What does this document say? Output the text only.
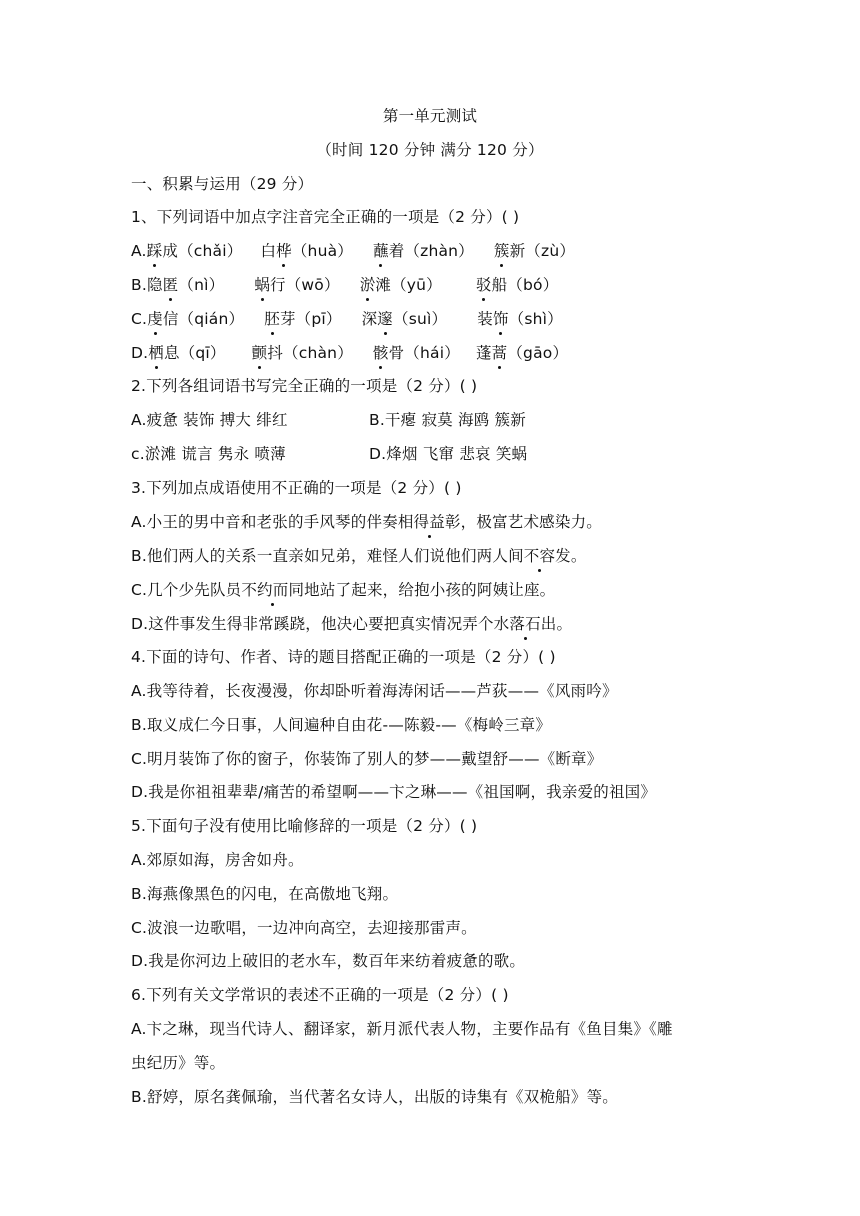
第一单元测试
（时间 120 分钟 满分 120 分）
一、积累与运用（29 分）
1、下列词语中加点字注音完全正确的一项是（2 分）( )
A.踩成（chǎi） 白桦（huà） 蘸着（zhàn） 簇新（zù）
B.隐匿（nì） 蜗行（wō） 淤滩（yū） 驳船（bó）
C.虔信（qián） 胚芽（pī） 深邃（suì） 装饰（shì）
D.栖息（qī） 颤抖（chàn） 骸骨（hái） 蓬蒿（gāo）
2.下列各组词语书写完全正确的一项是（2 分）( )
A.疲惫 装饰 搏大 绯红	B.干瘪 寂莫 海鸥 簇新
c.淤滩 谎言 隽永 喷薄	D.烽烟 飞窜 悲哀 笑蜗
3.下列加点成语使用不正确的一项是（2 分）( )
A.小王的男中音和老张的手风琴的伴奏相得益彰，极富艺术感染力。
B.他们两人的关系一直亲如兄弟，难怪人们说他们两人间不容发。
C.几个少先队员不约而同地站了起来，给抱小孩的阿姨让座。
D.这件事发生得非常蹊跷，他决心要把真实情况弄个水落石出。
4.下面的诗句、作者、诗的题目搭配正确的一项是（2 分）( )
A.我等待着，长夜漫漫，你却卧听着海涛闲话——芦荻——《风雨吟》
B.取义成仁今日事，人间遍种自由花-—陈毅-—《梅岭三章》
C.明月装饰了你的窗子，你装饰了别人的梦——戴望舒——《断章》
D.我是你祖祖辈辈/痛苦的希望啊——卞之琳——《祖国啊，我亲爱的祖国》
5.下面句子没有使用比喻修辞的一项是（2 分）( )
A.郊原如海，房舍如舟。
B.海燕像黑色的闪电，在高傲地飞翔。
C.波浪一边歌唱，一边冲向高空，去迎接那雷声。
D.我是你河边上破旧的老水车，数百年来纺着疲惫的歌。
6.下列有关文学常识的表述不正确的一项是（2 分）( )
A.卞之琳，现当代诗人、翻译家，新月派代表人物，主要作品有《鱼目集》《雕
虫纪历》等。
B.舒婷，原名龚佩瑜，当代著名女诗人，出版的诗集有《双桅船》等。
